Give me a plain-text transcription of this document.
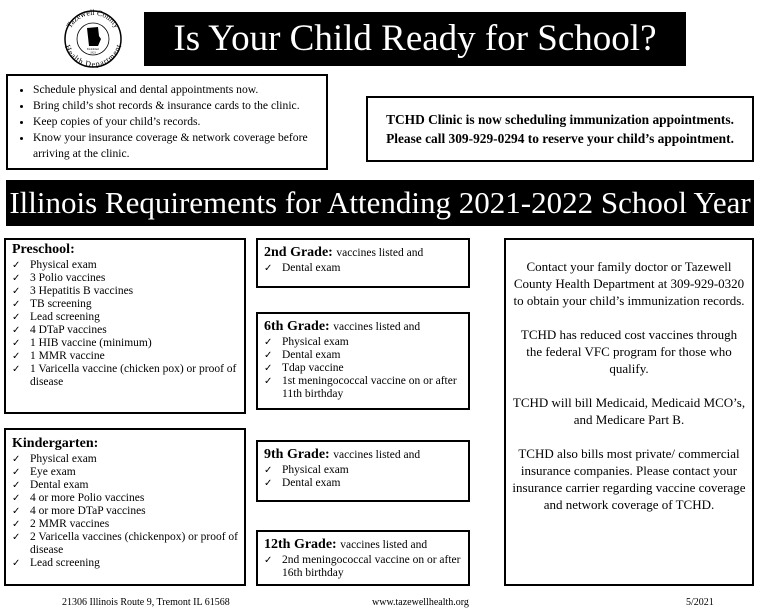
Tazewell County
Health Department
Established
1923	Is Your Child Ready for School?
• Schedule physical and dental appointments now.
• Bring child’s shot records & insurance cards to the clinic.
• Keep copies of your child’s records.
• Know your insurance coverage & network coverage before arriving at the clinic.
TCHD Clinic is now scheduling immunization appointments.
Please call 309-929-0294 to reserve your child’s appointment.
Illinois Requirements for Attending 2021-2022 School Year
Preschool:
✓ Physical exam
✓ 3 Polio vaccines
✓ 3 Hepatitis B vaccines
✓ TB screening
✓ Lead screening
✓ 4 DTaP vaccines
✓ 1 HIB vaccine (minimum)
✓ 1 MMR vaccine
✓ 1 Varicella vaccine (chicken pox) or proof of disease
Kindergarten:
✓ Physical exam
✓ Eye exam
✓ Dental exam
✓ 4 or more Polio vaccines
✓ 4 or more DTaP vaccines
✓ 2 MMR vaccines
✓ 2 Varicella vaccines (chickenpox) or proof of disease
✓ Lead screening
2nd Grade: vaccines listed and
✓ Dental exam
6th Grade: vaccines listed and
✓ Physical exam
✓ Dental exam
✓ Tdap vaccine
✓ 1st meningococcal vaccine on or after 11th birthday
9th Grade: vaccines listed and
✓ Physical exam
✓ Dental exam
12th Grade: vaccines listed and
✓ 2nd meningococcal vaccine on or after 16th birthday

Contact your family doctor or Tazewell County Health Department at 309-929-0320 to obtain your child’s immunization records.

TCHD has reduced cost vaccines through the federal VFC program for those who qualify.

TCHD will bill Medicaid, Medicaid MCO’s, and Medicare Part B.

TCHD also bills most private/ commercial insurance companies. Please contact your insurance carrier regarding vaccine coverage and network coverage of TCHD.

21306 Illinois Route 9, Tremont IL 61568	www.tazewellhealth.org	5/2021
